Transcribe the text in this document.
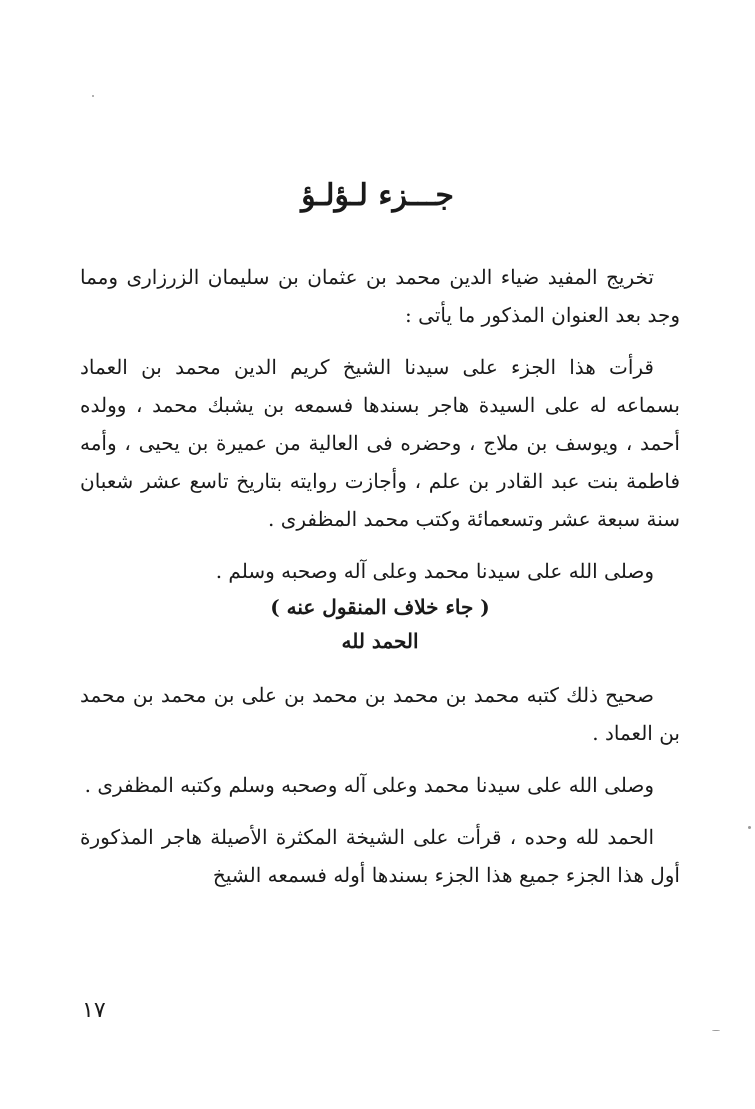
جـــزء لـؤلـؤ

تخريج المفيد ضياء الدين محمد بن عثمان بن سليمان الزرزارى ومما وجد بعد العنوان المذكور ما يأتى :

قرأت هذا الجزء على سيدنا الشيخ كريم الدين محمد بن العماد بسماعه له على السيدة هاجر بسندها فسمعه بن يشبك محمد ، وولده أحمد ، ويوسف بن ملاج ، وحضره فى العالية من عميرة بن يحيى ، وأمه فاطمة بنت عبد القادر بن علم ، وأجازت روايته بتاريخ تاسع عشر شعبان سنة سبعة عشر وتسعمائة وكتب محمد المظفرى .

وصلى الله على سيدنا محمد وعلى آله وصحبه وسلم .

( جاء خلاف المنقول عنه )

الحمد لله

صحيح ذلك كتبه محمد بن محمد بن محمد بن على بن محمد بن محمد بن العماد .

وصلى الله على سيدنا محمد وعلى آله وصحبه وسلم وكتبه المظفرى .

الحمد لله وحده ، قرأت على الشيخة المكثرة الأصيلة هاجر المذكورة أول هذا الجزء جميع هذا الجزء بسندها أوله فسمعه الشيخ

١٧
